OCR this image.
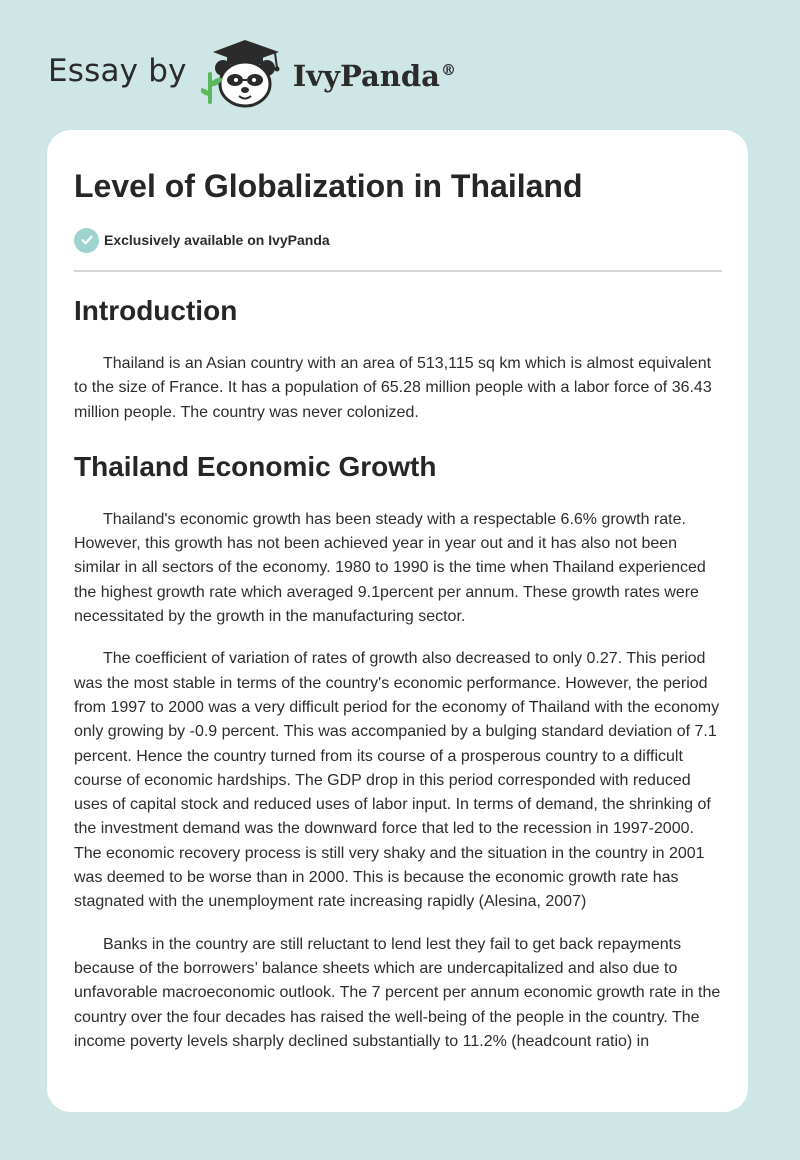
Essay by	IvyPanda®
Level of Globalization in Thailand
Exclusively available on IvyPanda
Introduction

Thailand is an Asian country with an area of 513,115 sq km which is almost equivalent to the size of France. It has a population of 65.28 million people with a labor force of 36.43 million people. The country was never colonized.

Thailand Economic Growth

Thailand's economic growth has been steady with a respectable 6.6% growth rate. However, this growth has not been achieved year in year out and it has also not been similar in all sectors of the economy. 1980 to 1990 is the time when Thailand experienced the highest growth rate which averaged 9.1percent per annum. These growth rates were necessitated by the growth in the manufacturing sector.

The coefficient of variation of rates of growth also decreased to only 0.27. This period was the most stable in terms of the country's economic performance. However, the period from 1997 to 2000 was a very difficult period for the economy of Thailand with the economy only growing by -0.9 percent. This was accompanied by a bulging standard deviation of 7.1 percent. Hence the country turned from its course of a prosperous country to a difficult course of economic hardships. The GDP drop in this period corresponded with reduced uses of capital stock and reduced uses of labor input. In terms of demand, the shrinking of the investment demand was the downward force that led to the recession in 1997-2000. The economic recovery process is still very shaky and the situation in the country in 2001 was deemed to be worse than in 2000. This is because the economic growth rate has stagnated with the unemployment rate increasing rapidly (Alesina, 2007)

Banks in the country are still reluctant to lend lest they fail to get back repayments because of the borrowers’ balance sheets which are undercapitalized and also due to unfavorable macroeconomic outlook. The 7 percent per annum economic growth rate in the country over the four decades has raised the well-being of the people in the country. The income poverty levels sharply declined substantially to 11.2% (headcount ratio) in
